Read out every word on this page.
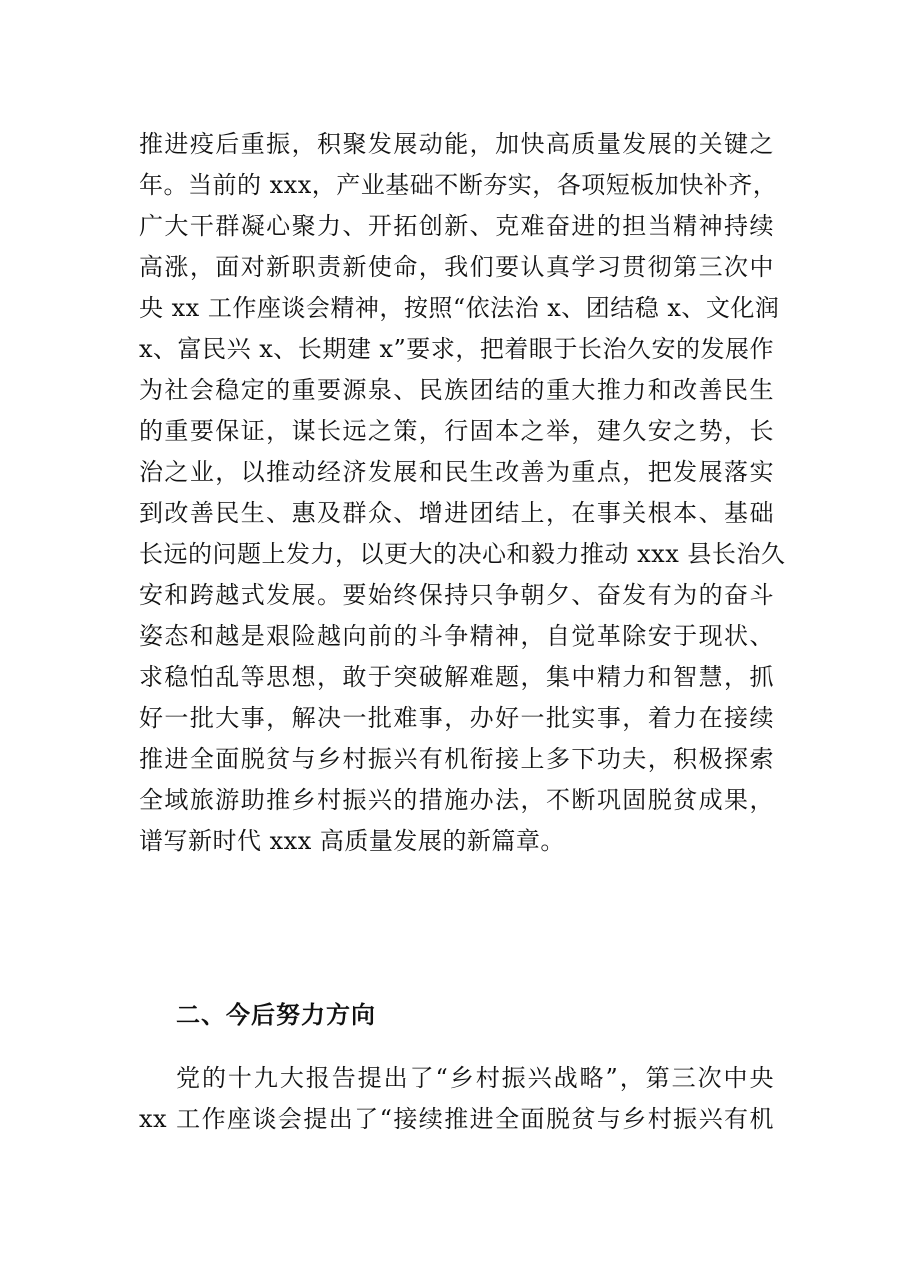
推进疫后重振，积聚发展动能，加快高质量发展的关键之
年。当前的 xxx，产业基础不断夯实，各项短板加快补齐，
广大干群凝心聚力、开拓创新、克难奋进的担当精神持续
高涨，面对新职责新使命，我们要认真学习贯彻第三次中
央 xx 工作座谈会精神，按照“依法治 x、团结稳 x、文化润
x、富民兴 x、长期建 x”要求，把着眼于长治久安的发展作
为社会稳定的重要源泉、民族团结的重大推力和改善民生
的重要保证，谋长远之策，行固本之举，建久安之势，长
治之业，以推动经济发展和民生改善为重点，把发展落实
到改善民生、惠及群众、增进团结上，在事关根本、基础
长远的问题上发力，以更大的决心和毅力推动 xxx 县长治久
安和跨越式发展。要始终保持只争朝夕、奋发有为的奋斗
姿态和越是艰险越向前的斗争精神，自觉革除安于现状、
求稳怕乱等思想，敢于突破解难题，集中精力和智慧，抓
好一批大事，解决一批难事，办好一批实事，着力在接续
推进全面脱贫与乡村振兴有机衔接上多下功夫，积极探索
全域旅游助推乡村振兴的措施办法，不断巩固脱贫成果，
谱写新时代 xxx 高质量发展的新篇章。
二、今后努力方向
党的十九大报告提出了“乡村振兴战略”，第三次中央
xx 工作座谈会提出了“接续推进全面脱贫与乡村振兴有机
